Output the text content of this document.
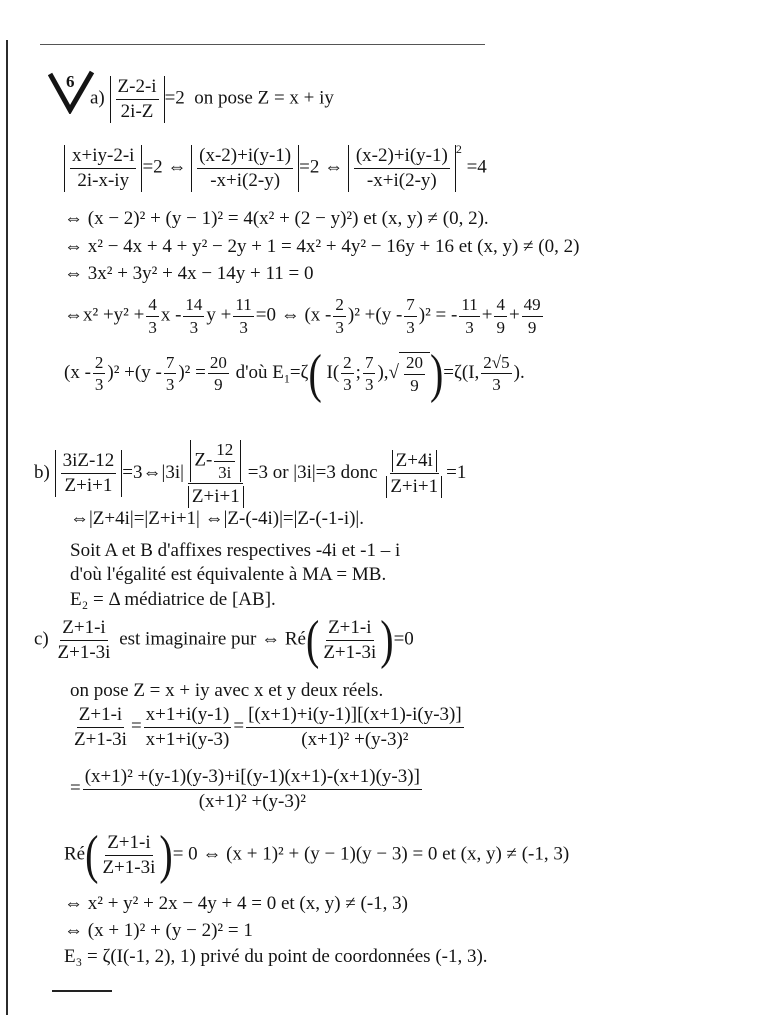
6
$a) \frac{Z-2-i}{2i-Z} =2$ on pose Z = x + iy
$\frac{x+iy-2-i}{2i-x-iy} =2$ ⇔ $\frac{(x-2)+i(y-1)}{-x+i(2-y)} =2$ ⇔ $\frac{(x-2)+i(y-1)}{-x+i(2-y)} ^2 =4$
⇔ (x − 2)² + (y − 1)² = 4(x² + (2 − y)²) et (x, y) ≠ (0, 2).
⇔ x² − 4x + 4 + y² − 2y + 1 = 4x² + 4y² − 16y + 16 et (x, y) ≠ (0, 2)
⇔ 3x² + 3y² + 4x − 14y + 11 = 0
⇔x² $+y^2 + \frac{4}{3}$ x - $\frac{14}{3}$ $y + \frac{11}{3} =0$ ⇔ $(x - \frac{2}{3} )^2 +(y - \frac{7}{3} )^2$ = - $\frac{11}{3} + \frac{4}{9} + \frac{49}{9}$
$(x - \frac{2}{3} )^2 +(y - \frac{7}{3} )^2 = \frac{20}{9}$ d'où $E_1=\zeta$( $I( \frac{2}{3}$ ; $\frac{7}{3}$ ),√ $\frac{20}{9} )=\zeta(I$, $\frac{2√5}{3}$ ).
$b) \frac{3iZ-12}{Z+i+1}$ =3⇔|3i| $\frac{Z- \frac{12}{3i}}{Z+i+1} =3$ or |3i|=3 donc $\frac{Z+4i}{Z+i+1} =1$
⇔|Z+4i|=|Z+i+1| ⇔|Z-(-4i)|=|Z-(-1-i)|.
Soit A et B d'affixes respectives -4i et -1 – i
d'où l'égalité est équivalente à MA = MB.
E₂ = Δ médiatrice de [AB].
$c) \frac{Z+1-i}{Z+1-3i}$ est imaginaire pur ⇔ Ré( $\frac{Z+1-i}{Z+1-3i} )=0$
on pose Z = x + iy avec x et y deux réels.
$\frac{Z+1-i}{Z+1-3i} = \frac{x+1+i(y-1)}{x+1+i(y-3)} = \frac{[(x+1)+i(y-1)][(x+1)-i(y-3)]}{\text{(x+1)² +(y-3)²}}$
= $\frac{\text{(x+1)² +(y-1)(y-3)+i[(y-1)(x+1)-(x+1)(y-3)]}}{\text{(x+1)² +(y-3)²}}$
Ré( $\frac{Z+1-i}{Z+1-3i}$ )= 0 ⇔ (x + 1)² + (y − 1)(y − 3) = 0 et (x, y) ≠ (-1, 3)
⇔ x² + y² + 2x − 4y + 4 = 0 et (x, y) ≠ (-1, 3)
⇔ (x + 1)² + (y − 2)² = 1
E₃ = ζ(I(-1, 2), 1) privé du point de coordonnées (-1, 3).
